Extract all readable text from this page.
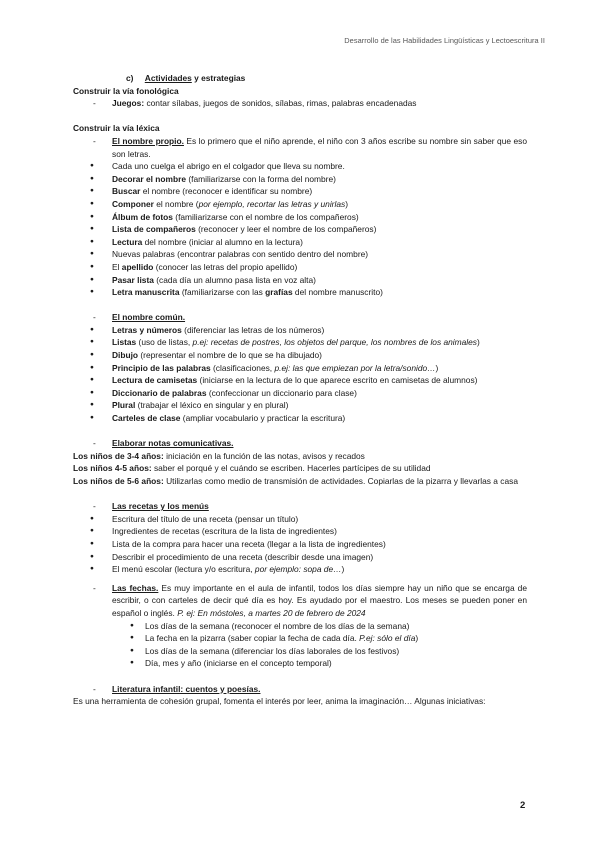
Desarrollo de las Habilidades Lingüísticas y Lectoescritura II
c) Actividades y estrategias
Construir la vía fonológica
- Juegos: contar sílabas, juegos de sonidos, sílabas, rimas, palabras encadenadas
Construir la vía léxica
- El nombre propio. Es lo primero que el niño aprende, el niño con 3 años escribe su nombre sin saber que eso son letras.
● Cada uno cuelga el abrigo en el colgador que lleva su nombre.
● Decorar el nombre (familiarizarse con la forma del nombre)
● Buscar el nombre (reconocer e identificar su nombre)
● Componer el nombre (por ejemplo, recortar las letras y unirlas)
● Álbum de fotos (familiarizarse con el nombre de los compañeros)
● Lista de compañeros (reconocer y leer el nombre de los compañeros)
● Lectura del nombre (iniciar al alumno en la lectura)
● Nuevas palabras (encontrar palabras con sentido dentro del nombre)
● El apellido (conocer las letras del propio apellido)
● Pasar lista (cada día un alumno pasa lista en voz alta)
● Letra manuscrita (familiarizarse con las grafías del nombre manuscrito)
- El nombre común.
● Letras y números (diferenciar las letras de los números)
● Listas (uso de listas, p.ej: recetas de postres, los objetos del parque, los nombres de los animales)
● Dibujo (representar el nombre de lo que se ha dibujado)
● Principio de las palabras (clasificaciones, p.ej: las que empiezan por la letra/sonido…)
● Lectura de camisetas (iniciarse en la lectura de lo que aparece escrito en camisetas de alumnos)
● Diccionario de palabras (confeccionar un diccionario para clase)
● Plural (trabajar el léxico en singular y en plural)
● Carteles de clase (ampliar vocabulario y practicar la escritura)
- Elaborar notas comunicativas.
Los niños de 3-4 años: iniciación en la función de las notas, avisos y recados
Los niños 4-5 años: saber el porqué y el cuándo se escriben. Hacerles partícipes de su utilidad
Los niños de 5-6 años: Utilizarlas como medio de transmisión de actividades. Copiarlas de la pizarra y llevarlas a casa
- Las recetas y los menús
● Escritura del título de una receta (pensar un título)
● Ingredientes de recetas (escritura de la lista de ingredientes)
● Lista de la compra para hacer una receta (llegar a la lista de ingredientes)
● Describir el procedimiento de una receta (describir desde una imagen)
● El menú escolar (lectura y/o escritura, por ejemplo: sopa de…)
- Las fechas. Es muy importante en el aula de infantil, todos los días siempre hay un niño que se encarga de escribir, o con carteles de decir qué día es hoy. Es ayudado por el maestro. Los meses se pueden poner en español o inglés. P. ej: En móstoles, a martes 20 de febrero de 2024
● Los días de la semana (reconocer el nombre de los días de la semana)
● La fecha en la pizarra (saber copiar la fecha de cada día. P.ej: sólo el día)
● Los días de la semana (diferenciar los días laborales de los festivos)
● Día, mes y año (iniciarse en el concepto temporal)
- Literatura infantil: cuentos y poesías.
Es una herramienta de cohesión grupal, fomenta el interés por leer, anima la imaginación… Algunas iniciativas:
2
